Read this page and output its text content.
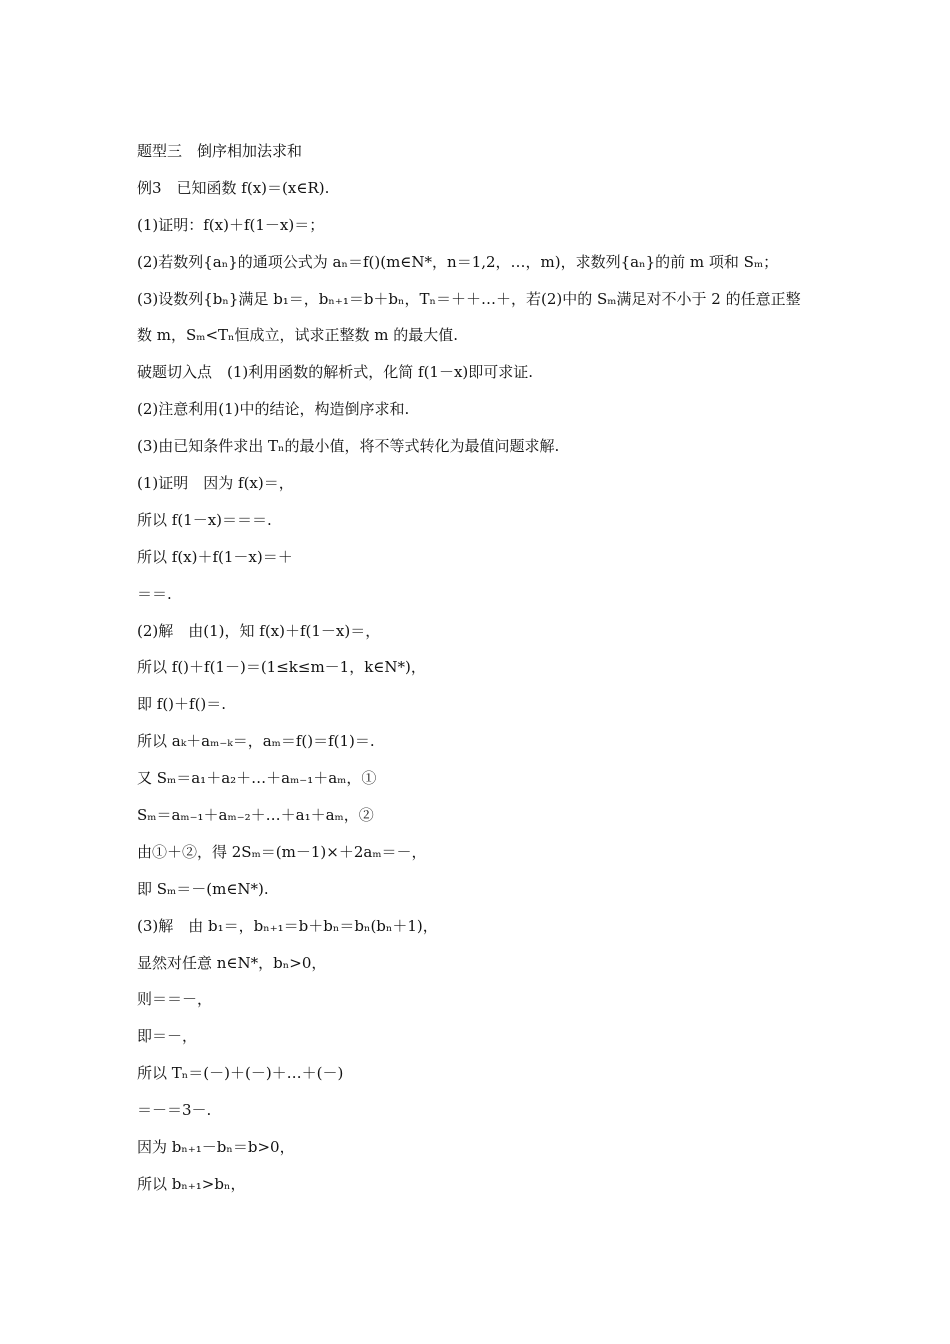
题型三　倒序相加法求和
例3　已知函数 f(x)＝(x∈R).
(1)证明：f(x)＋f(1－x)＝；
(2)若数列{aₙ}的通项公式为 aₙ＝f()(m∈N*，n＝1,2，…，m)，求数列{aₙ}的前 m 项和 Sₘ；
(3)设数列{bₙ}满足 b₁＝，bₙ₊₁＝b＋bₙ，Tₙ＝＋＋…＋，若(2)中的 Sₘ满足对不小于 2 的任意正整
数 m，Sₘ<Tₙ恒成立，试求正整数 m 的最大值.
破题切入点　(1)利用函数的解析式，化简 f(1－x)即可求证.
(2)注意利用(1)中的结论，构造倒序求和.
(3)由已知条件求出 Tₙ的最小值，将不等式转化为最值问题求解.
(1)证明　因为 f(x)＝，
所以 f(1－x)＝＝＝.
所以 f(x)＋f(1－x)＝＋
＝＝.
(2)解　由(1)，知 f(x)＋f(1－x)＝，
所以 f()＋f(1－)＝(1≤k≤m－1，k∈N*)，
即 f()＋f()＝.
所以 aₖ＋aₘ₋ₖ＝，aₘ＝f()＝f(1)＝.
又 Sₘ＝a₁＋a₂＋…＋aₘ₋₁＋aₘ，①
Sₘ＝aₘ₋₁＋aₘ₋₂＋…＋a₁＋aₘ，②
由①＋②，得 2Sₘ＝(m－1)×＋2aₘ＝－，
即 Sₘ＝－(m∈N*).
(3)解　由 b₁＝，bₙ₊₁＝b＋bₙ＝bₙ(bₙ＋1)，
显然对任意 n∈N*，bₙ>0，
则＝＝－，
即＝－，
所以 Tₙ＝(－)＋(－)＋…＋(－)
＝－＝3－.
因为 bₙ₊₁－bₙ＝b>0，
所以 bₙ₊₁>bₙ，
